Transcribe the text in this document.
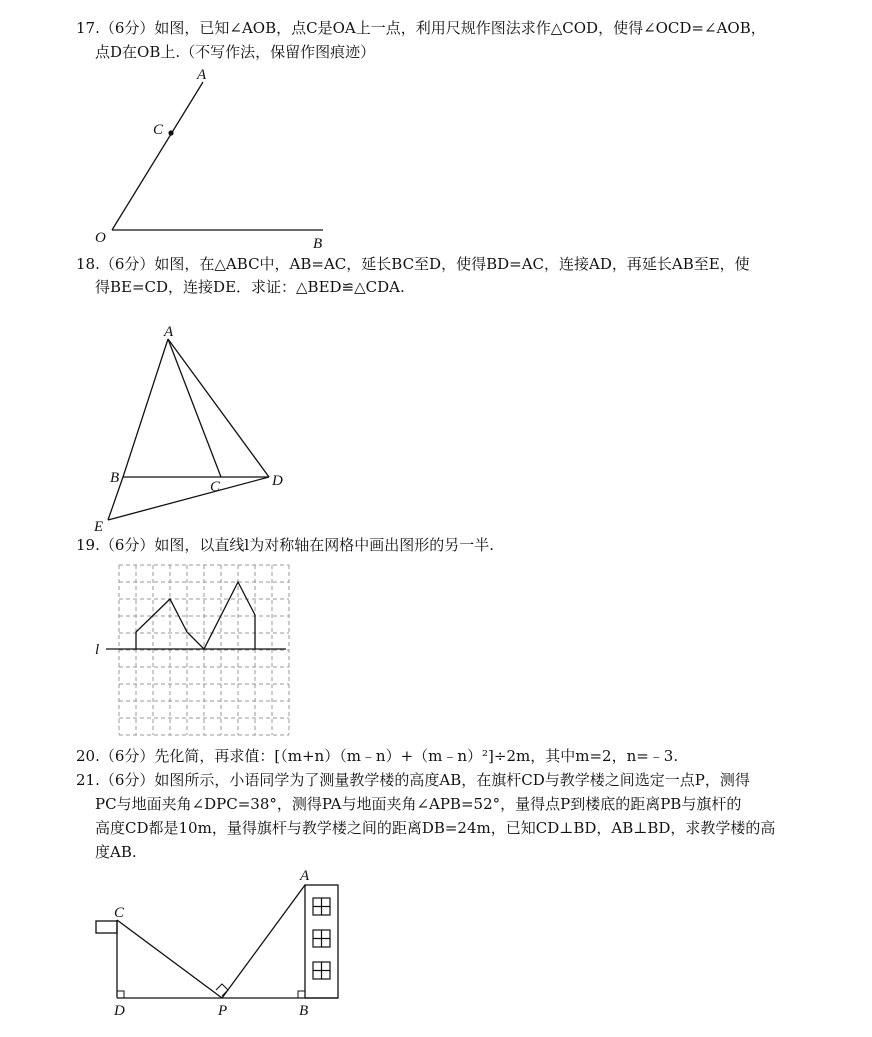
17.（6分）如图，已知∠AOB，点C是OA上一点，利用尺规作图法求作△COD，使得∠OCD=∠AOB，
点D在OB上.（不写作法，保留作图痕迹）
A
C
O	B
18.（6分）如图，在△ABC中，AB=AC，延长BC至D，使得BD=AC，连接AD，再延长AB至E，使
得BE=CD，连接DE．求证：△BED≌△CDA.
A
B
C	D
E
19.（6分）如图，以直线l为对称轴在网格中画出图形的另一半.
l
20.（6分）先化简，再求值：[（m+n）（m﹣n）+（m﹣n）²]÷2m，其中m=2，n=﹣3.
21.（6分）如图所示，小语同学为了测量教学楼的高度AB，在旗杆CD与教学楼之间选定一点P，测得
PC与地面夹角∠DPC=38°，测得PA与地面夹角∠APB=52°，量得点P到楼底的距离PB与旗杆的
高度CD都是10m，量得旗杆与教学楼之间的距离DB=24m，已知CD⊥BD，AB⊥BD，求教学楼的高
度AB.
A
C
D	P	B
